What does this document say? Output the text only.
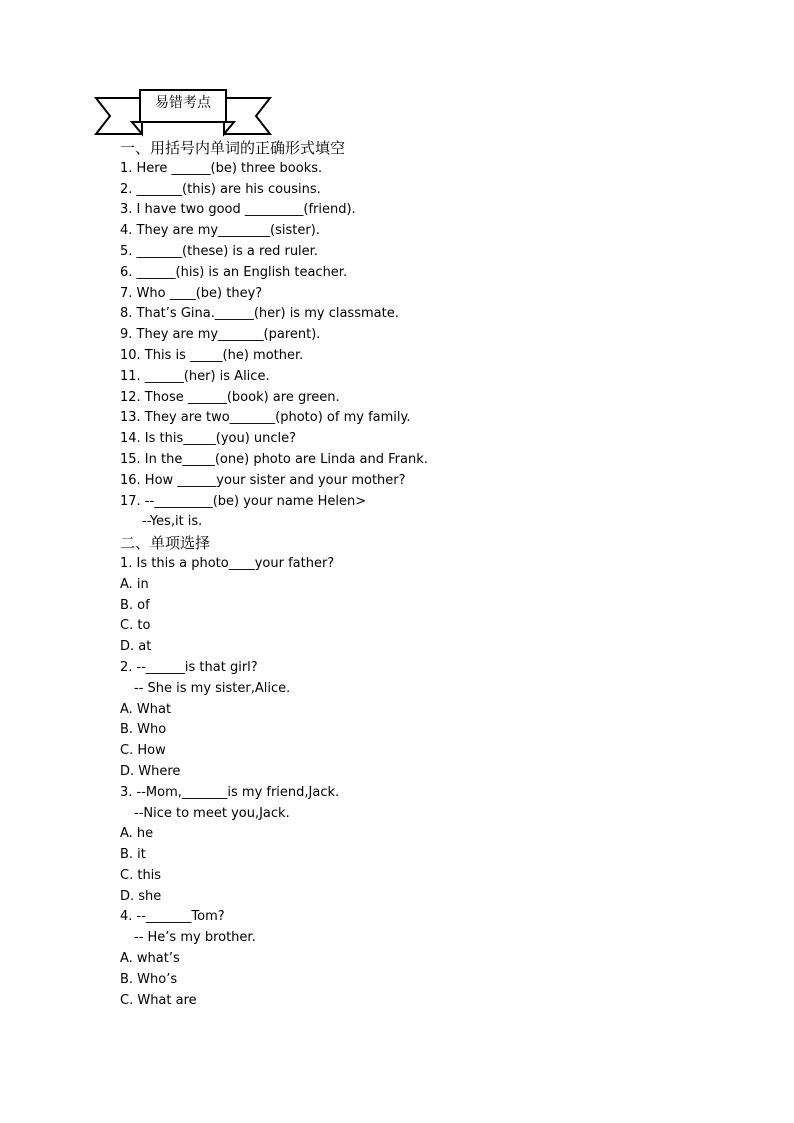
易错考点
一、用括号内单词的正确形式填空
1. Here ______(be) three books.
2. _______(this) are his cousins.
3. I have two good _________(friend).
4. They are my________(sister).
5. _______(these) is a red ruler.
6. ______(his) is an English teacher.
7. Who ____(be) they?
8. That’s Gina.______(her) is my classmate.
9. They are my_______(parent).
10. This is _____(he) mother.
11. ______(her) is Alice.
12. Those ______(book) are green.
13. They are two_______(photo) of my family.
14. Is this_____(you) uncle?
15. In the_____(one) photo are Linda and Frank.
16. How ______your sister and your mother?
17. --_________(be) your name Helen>
--Yes,it is.
二、单项选择
1. Is this a photo____your father?
A. in
B. of
C. to
D. at
2. --______is that girl?
-- She is my sister,Alice.
A. What
B. Who
C. How
D. Where
3. --Mom,_______is my friend,Jack.
--Nice to meet you,Jack.
A. he
B. it
C. this
D. she
4. --_______Tom?
-- He’s my brother.
A. what’s
B. Who’s
C. What are
